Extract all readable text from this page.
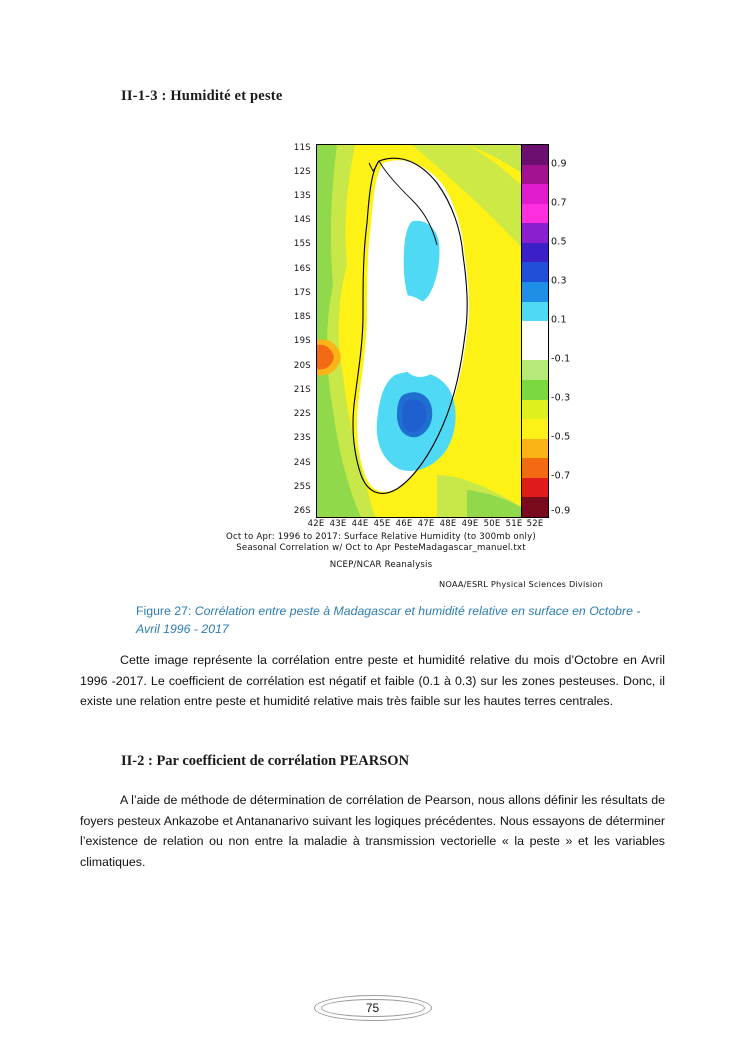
II-1-3 : Humidité et peste
11S
12S
13S
14S
15S
16S
17S
18S
19S
20S
21S
22S
23S
24S
25S
26S
42E 43E 44E 45E 46E 47E 48E 49E 50E 51E 52E
Oct to Apr: 1996 to 2017: Surface Relative Humidity (to 300mb only)
Seasonal Correlation w/ Oct to Apr PesteMadagascar_manuel.txt
NCEP/NCAR Reanalysis
0.9
0.7
0.5
0.3
0.1
-0.1
-0.3
-0.5
-0.7
-0.9
NOAA/ESRL Physical Sciences Division
Figure 27: Corrélation entre peste à Madagascar et humidité relative en surface en Octobre - Avril 1996 - 2017
Cette image représente la corrélation entre peste et humidité relative du mois d’Octobre en Avril 1996 -2017. Le coefficient de corrélation est négatif et faible (0.1 à 0.3) sur les zones pesteuses. Donc, il existe une relation entre peste et humidité relative mais très faible sur les hautes terres centrales.
II-2 : Par coefficient de corrélation PEARSON
A l’aide de méthode de détermination de corrélation de Pearson, nous allons définir les résultats de foyers pesteux Ankazobe et Antananarivo suivant les logiques précédentes. Nous essayons de déterminer l’existence de relation ou non entre la maladie à transmission vectorielle « la peste » et les variables climatiques.
75
